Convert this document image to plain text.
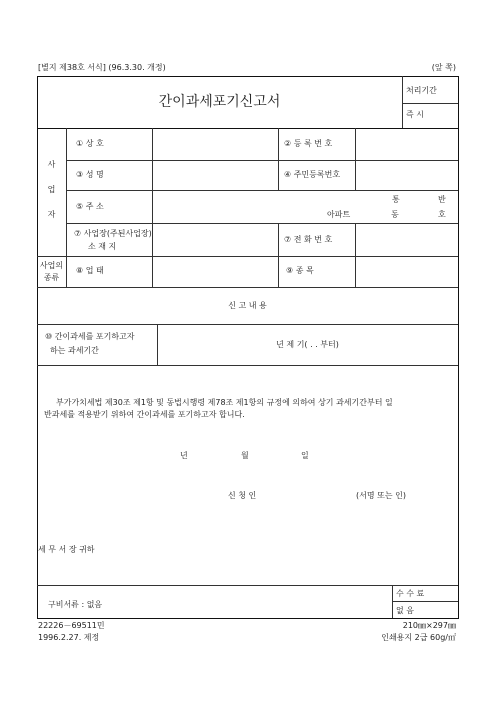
[별지 제38호 서식] (96.3.30. 개정)	(앞 쪽)
간이과세포기신고서
처리기간
즉 시
사
업
자
① 상 호	② 등 록 번 호
③ 성 명	④ 주민등록번호
⑤ 주 소
통	반
아파트	동	호
⑦ 사업장(주된사업장)
소 재 지
⑦ 전 화 번 호
사업의
종류
⑧ 업 태	⑨ 종 목
신 고 내 용
⑩ 간이과세를 포기하고자
하는 과세기간
년 제 기( . . 부터)
부가가치세법 제30조 제1항 및 동법시행령 제78조 제1항의 규정에 의하여 상기 과세기간부터 일
반과세를 적용받기 위하여 간이과세를 포기하고자 합니다.
년	월	일
신 청 인	(서명 또는 인)
세 무 서 장 귀하
구비서류 : 없음
수 수 료
없 음
22226－69511민
1996.2.27. 제정
210㎜×297㎜
인쇄용지 2급 60g/㎡
